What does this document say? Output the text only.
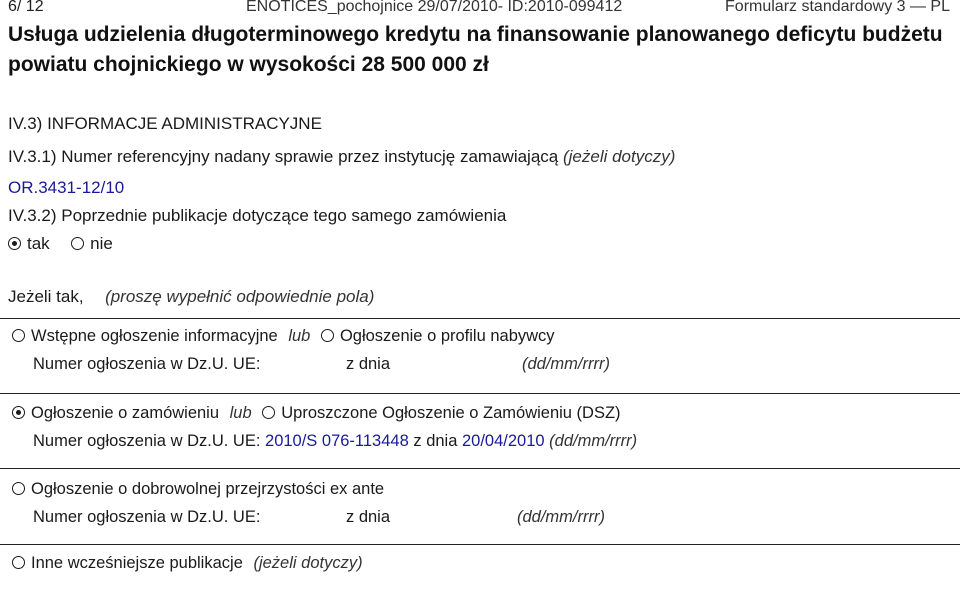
6/ 12	ENOTICES_pochojnice 29/07/2010- ID:2010-099412	Formularz standardowy 3 — PL
Usługa udzielenia długoterminowego kredytu na finansowanie planowanego deficytu budżetu powiatu chojnickiego w wysokości 28 500 000 zł
IV.3) INFORMACJE ADMINISTRACYJNE
IV.3.1) Numer referencyjny nadany sprawie przez instytucję zamawiającą (jeżeli dotyczy)
OR.3431-12/10
IV.3.2) Poprzednie publikacje dotyczące tego samego zamówienia
tak nie
Jeżeli tak, (proszę wypełnić odpowiednie pola)
Wstępne ogłoszenie informacyjne lub Ogłoszenie o profilu nabywcy
Numer ogłoszenia w Dz.U. UE:	z dnia	(dd/mm/rrrr)
Ogłoszenie o zamówieniu lub Uproszczone Ogłoszenie o Zamówieniu (DSZ)
Numer ogłoszenia w Dz.U. UE: 2010/S 076-113448 z dnia 20/04/2010 (dd/mm/rrrr)
Ogłoszenie o dobrowolnej przejrzystości ex ante
Numer ogłoszenia w Dz.U. UE:	z dnia	(dd/mm/rrrr)
Inne wcześniejsze publikacje (jeżeli dotyczy)
